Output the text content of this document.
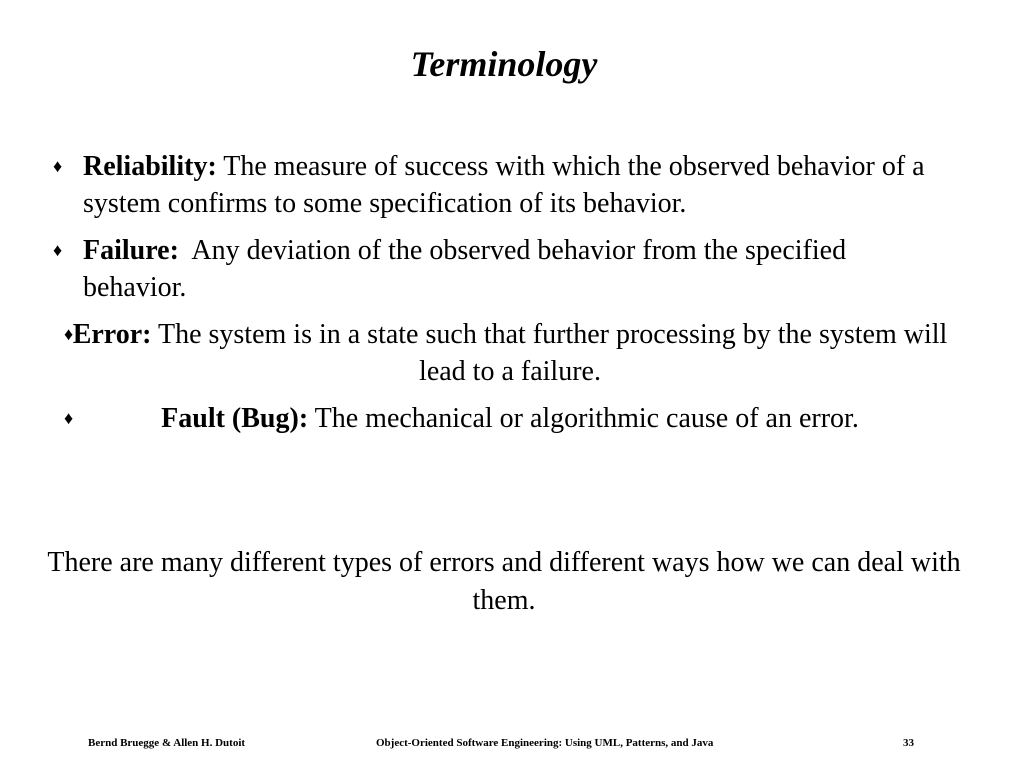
Terminology
♦ Reliability: The measure of success with which the observed behavior of a system confirms to some specification of its behavior.
♦ Failure: Any deviation of the observed behavior from the specified behavior.
♦ Error: The system is in a state such that further processing by the system will lead to a failure.
♦	Fault (Bug): The mechanical or algorithmic cause of an error.
There are many different types of errors and different ways how we can deal with them.
Bernd Bruegge & Allen H. Dutoit	Object-Oriented Software Engineering: Using UML, Patterns, and Java	33
